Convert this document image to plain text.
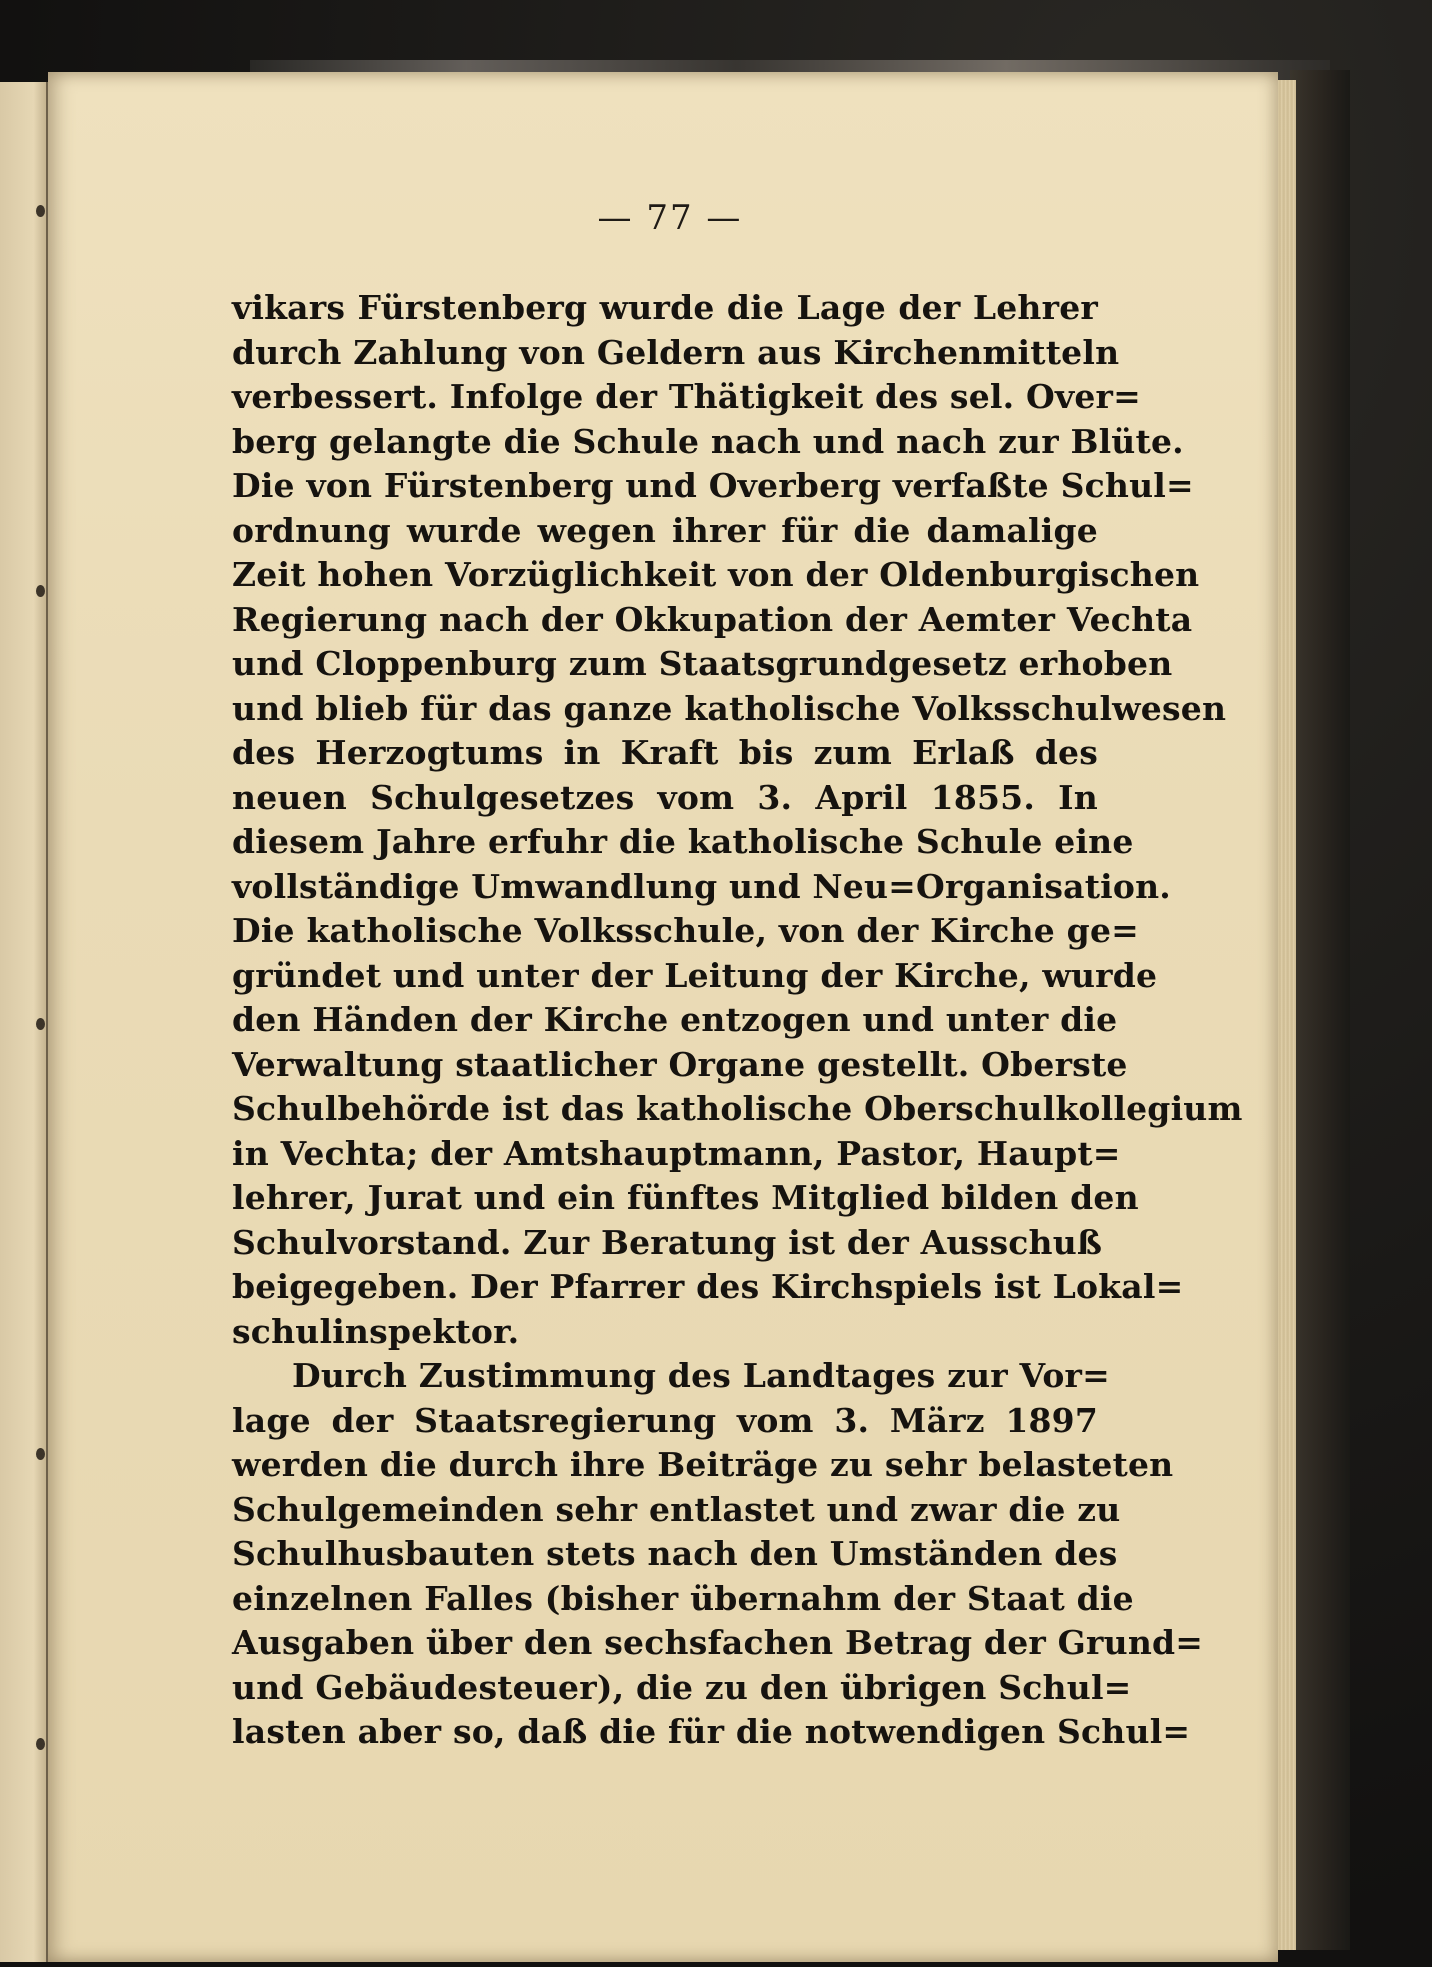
— 77 —
vikars Fürstenberg wurde die Lage der Lehrer
durch Zahlung von Geldern aus Kirchenmitteln
verbessert. Infolge der Thätigkeit des sel. Over=
berg gelangte die Schule nach und nach zur Blüte.
Die von Fürstenberg und Overberg verfaßte Schul=
ordnung wurde wegen ihrer für die damalige
Zeit hohen Vorzüglichkeit von der Oldenburgischen
Regierung nach der Okkupation der Aemter Vechta
und Cloppenburg zum Staatsgrundgesetz erhoben
und blieb für das ganze katholische Volksschulwesen
des Herzogtums in Kraft bis zum Erlaß des
neuen Schulgesetzes vom 3. April 1855. In
diesem Jahre erfuhr die katholische Schule eine
vollständige Umwandlung und Neu=Organisation.
Die katholische Volksschule, von der Kirche ge=
gründet und unter der Leitung der Kirche, wurde
den Händen der Kirche entzogen und unter die
Verwaltung staatlicher Organe gestellt. Oberste
Schulbehörde ist das katholische Oberschulkollegium
in Vechta; der Amtshauptmann, Pastor, Haupt=
lehrer, Jurat und ein fünftes Mitglied bilden den
Schulvorstand. Zur Beratung ist der Ausschuß
beigegeben. Der Pfarrer des Kirchspiels ist Lokal=
schulinspektor.
Durch Zustimmung des Landtages zur Vor=
lage der Staatsregierung vom 3. März 1897
werden die durch ihre Beiträge zu sehr belasteten
Schulgemeinden sehr entlastet und zwar die zu
Schulhusbauten stets nach den Umständen des
einzelnen Falles (bisher übernahm der Staat die
Ausgaben über den sechsfachen Betrag der Grund=
und Gebäudesteuer), die zu den übrigen Schul=
lasten aber so, daß die für die notwendigen Schul=
